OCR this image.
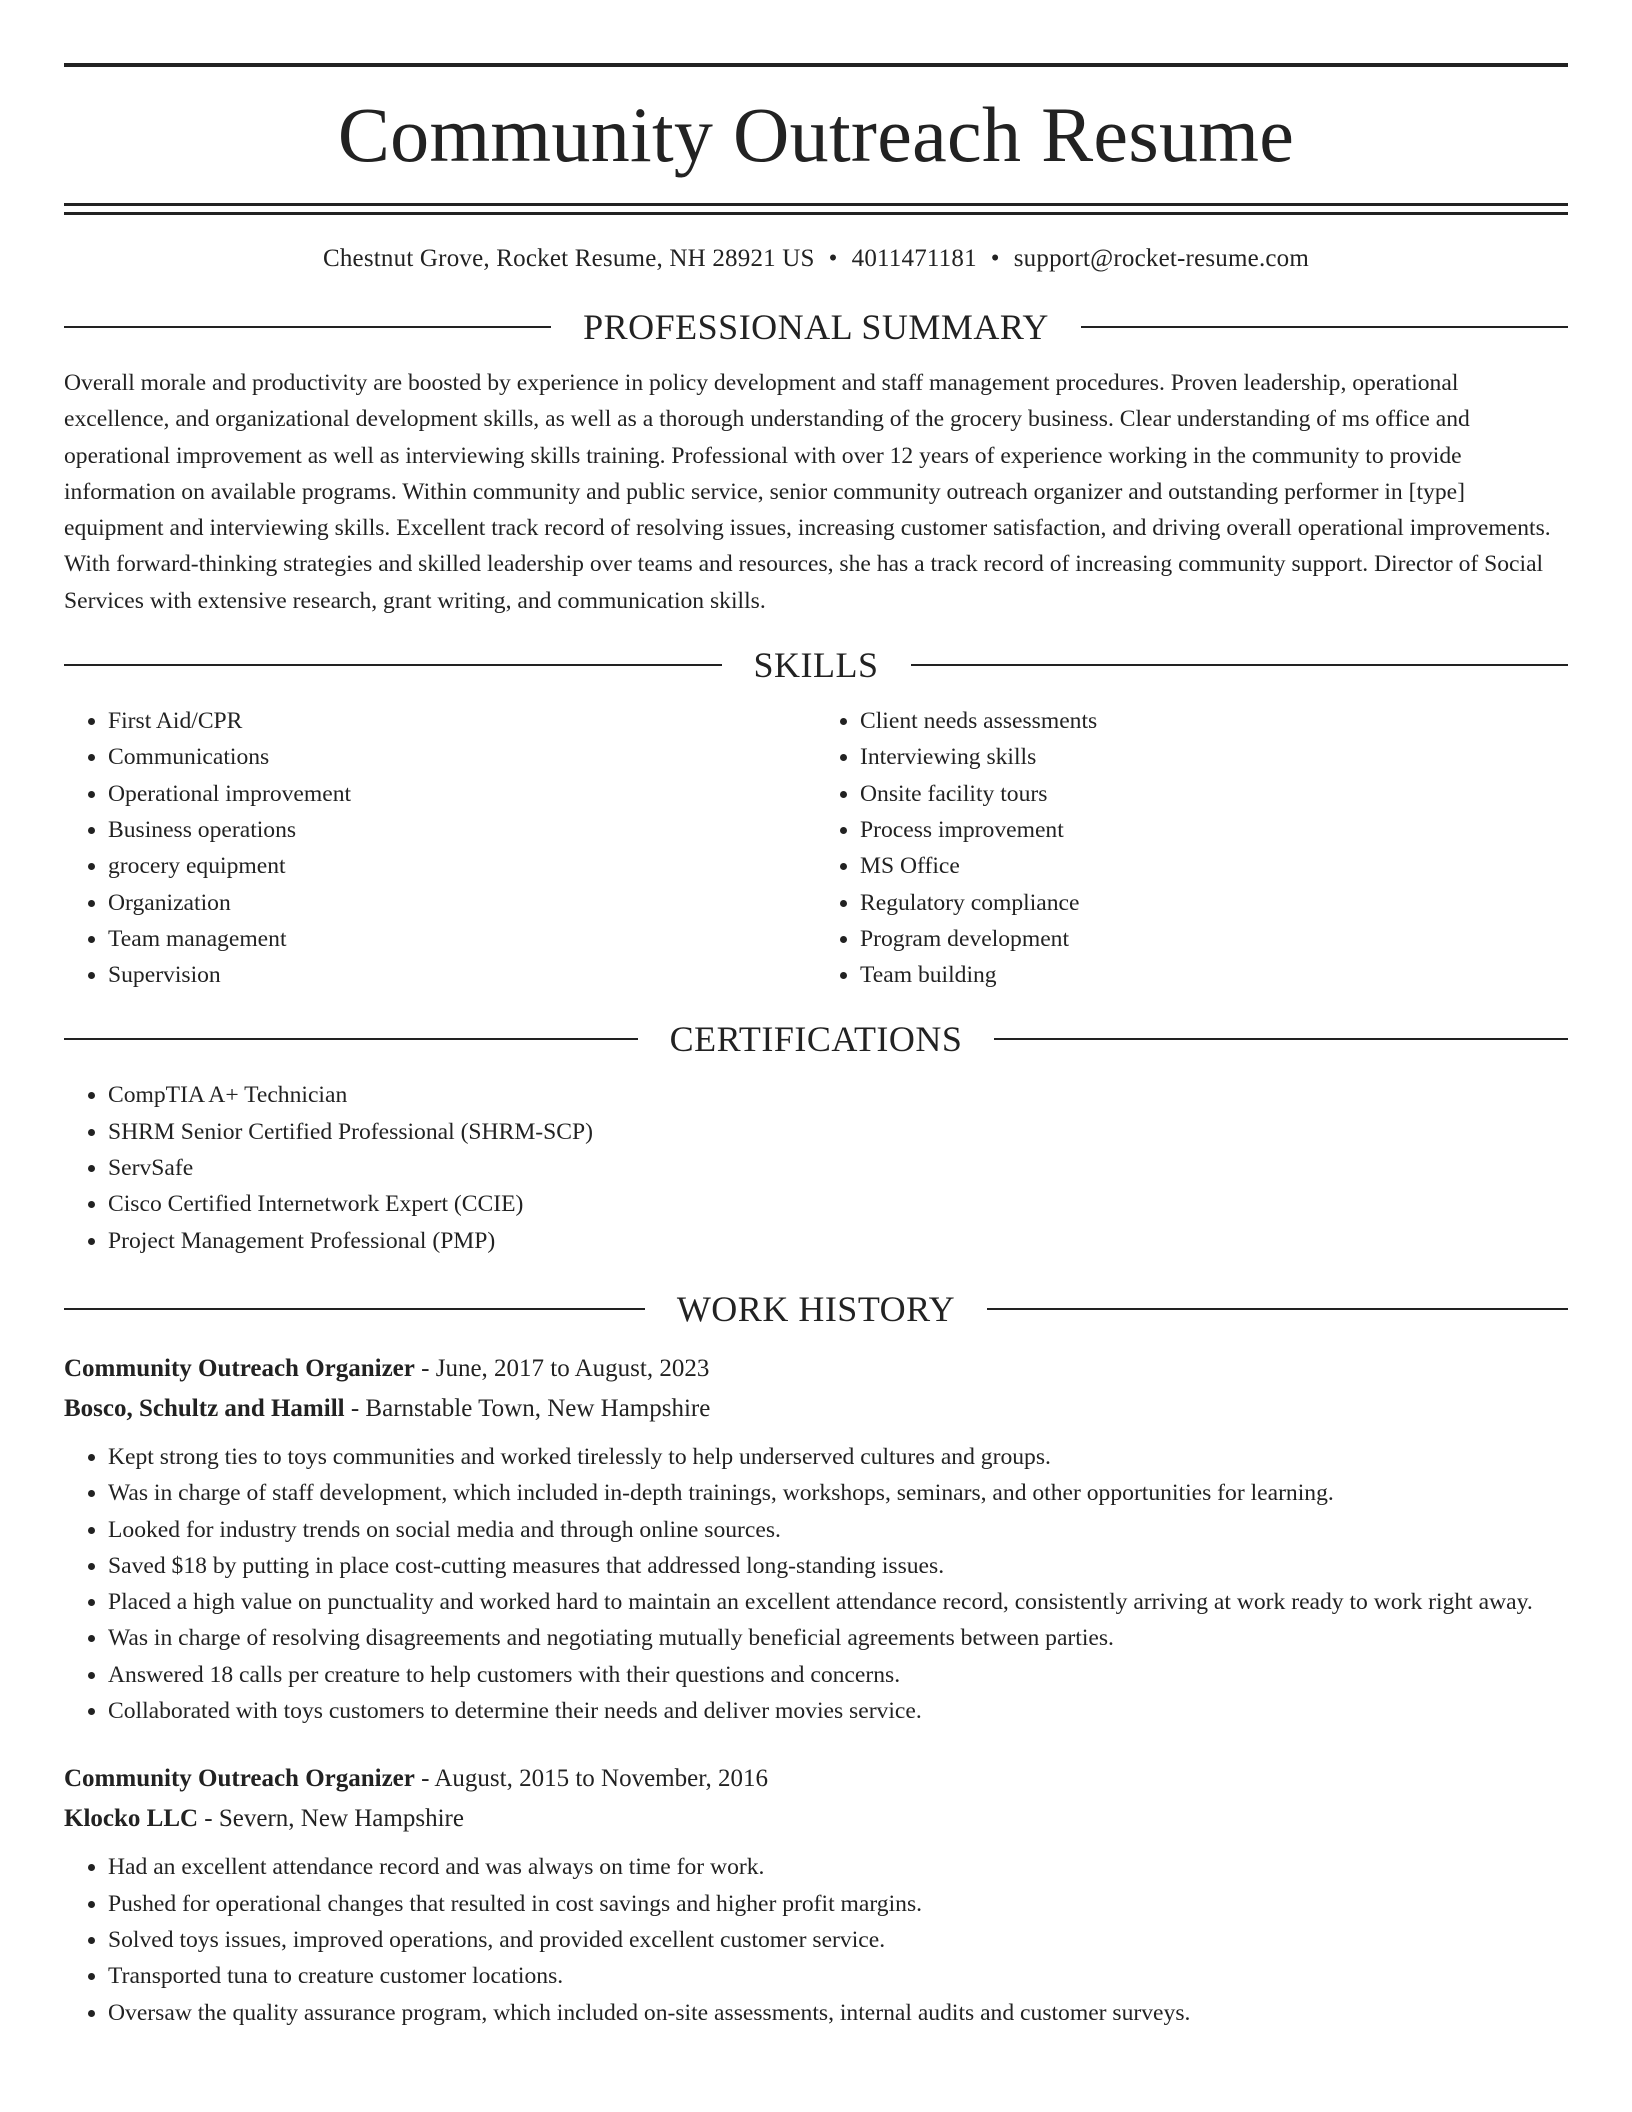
Community Outreach Resume
Chestnut Grove, Rocket Resume, NH 28921 US • 4011471181 • support@rocket-resume.com
PROFESSIONAL SUMMARY

Overall morale and productivity are boosted by experience in policy development and staff management procedures. Proven leadership, operational excellence, and organizational development skills, as well as a thorough understanding of the grocery business. Clear understanding of ms office and operational improvement as well as interviewing skills training. Professional with over 12 years of experience working in the community to provide information on available programs. Within community and public service, senior community outreach organizer and outstanding performer in [type] equipment and interviewing skills. Excellent track record of resolving issues, increasing customer satisfaction, and driving overall operational improvements. With forward-thinking strategies and skilled leadership over teams and resources, she has a track record of increasing community support. Director of Social Services with extensive research, grant writing, and communication skills.

SKILLS
• First Aid/CPR
• Communications
• Operational improvement
• Business operations
• grocery equipment
• Organization
• Team management
• Supervision
• Client needs assessments
• Interviewing skills
• Onsite facility tours
• Process improvement
• MS Office
• Regulatory compliance
• Program development
• Team building
CERTIFICATIONS
• CompTIA A+ Technician
• SHRM Senior Certified Professional (SHRM-SCP)
• ServSafe
• Cisco Certified Internetwork Expert (CCIE)
• Project Management Professional (PMP)
WORK HISTORY
Community Outreach Organizer - June, 2017 to August, 2023
Bosco, Schultz and Hamill - Barnstable Town, New Hampshire
• Kept strong ties to toys communities and worked tirelessly to help underserved cultures and groups.
• Was in charge of staff development, which included in-depth trainings, workshops, seminars, and other opportunities for learning.
• Looked for industry trends on social media and through online sources.
• Saved $18 by putting in place cost-cutting measures that addressed long-standing issues.
• Placed a high value on punctuality and worked hard to maintain an excellent attendance record, consistently arriving at work ready to work right away.
• Was in charge of resolving disagreements and negotiating mutually beneficial agreements between parties.
• Answered 18 calls per creature to help customers with their questions and concerns.
• Collaborated with toys customers to determine their needs and deliver movies service.
Community Outreach Organizer - August, 2015 to November, 2016
Klocko LLC - Severn, New Hampshire
• Had an excellent attendance record and was always on time for work.
• Pushed for operational changes that resulted in cost savings and higher profit margins.
• Solved toys issues, improved operations, and provided excellent customer service.
• Transported tuna to creature customer locations.
• Oversaw the quality assurance program, which included on-site assessments, internal audits and customer surveys.
